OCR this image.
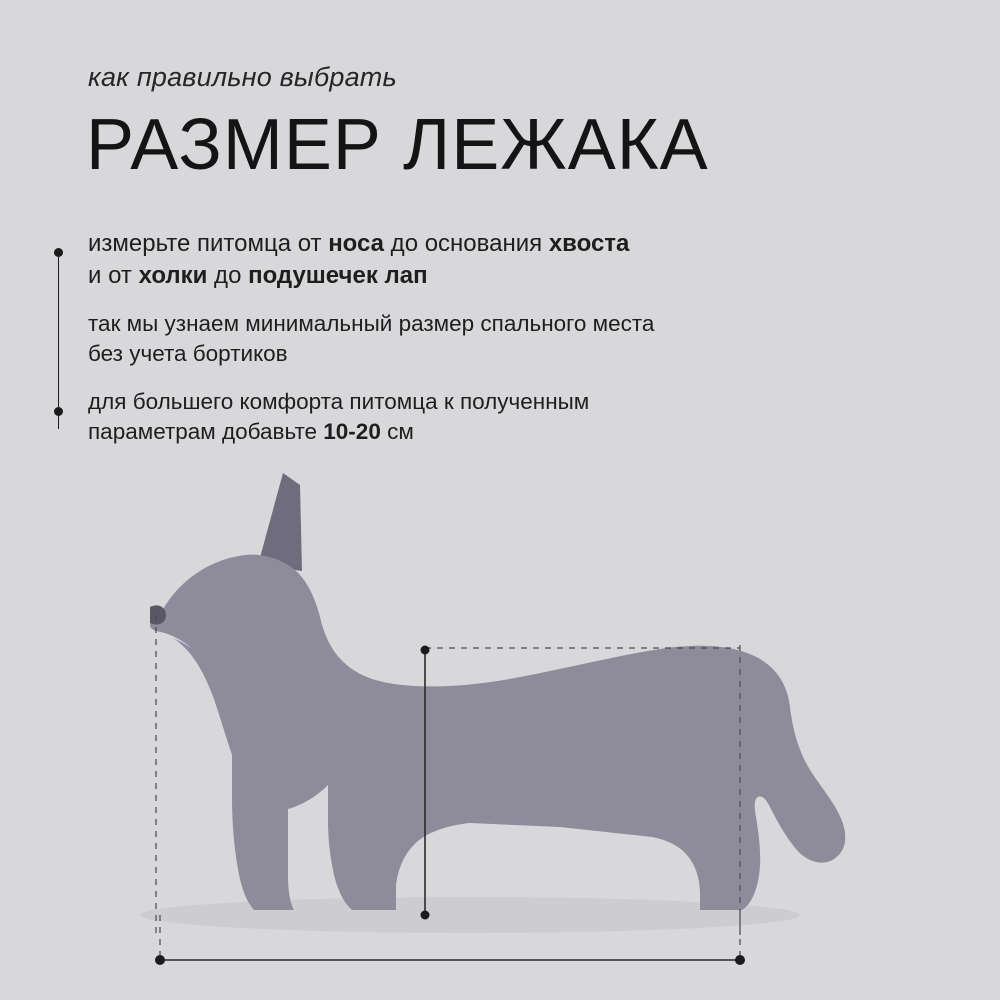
как правильно выбрать
РАЗМЕР ЛЕЖАКА
измерьте питомца от носа до основания хвоста
и от холки до подушечек лап
так мы узнаем минимальный размер спального места
без учета бортиков
для большего комфорта питомца к полученным
параметрам добавьте 10-20 см
